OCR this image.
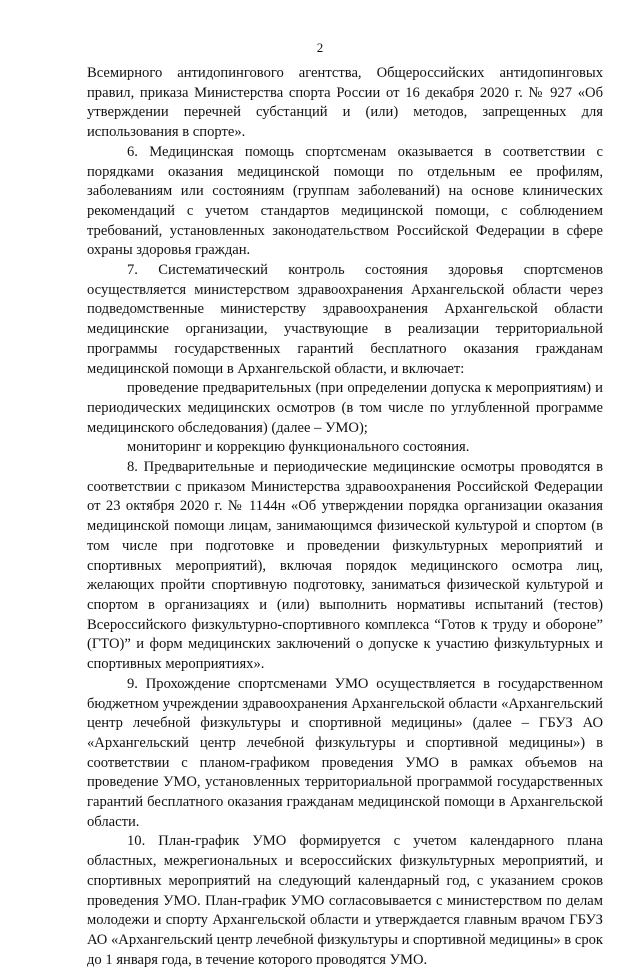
2

Всемирного антидопингового агентства, Общероссийских антидопинговых правил, приказа Министерства спорта России от 16 декабря 2020 г. № 927 «Об утверждении перечней субстанций и (или) методов, запрещенных для использования в спорте».

6. Медицинская помощь спортсменам оказывается в соответствии с порядками оказания медицинской помощи по отдельным ее профилям, заболеваниям или состояниям (группам заболеваний) на основе клинических рекомендаций с учетом стандартов медицинской помощи, с соблюдением требований, установленных законодательством Российской Федерации в сфере охраны здоровья граждан.

7. Систематический контроль состояния здоровья спортсменов осуществляется министерством здравоохранения Архангельской области через подведомственные министерству здравоохранения Архангельской области медицинские организации, участвующие в реализации территориальной программы государственных гарантий бесплатного оказания гражданам медицинской помощи в Архангельской области, и включает:

проведение предварительных (при определении допуска к мероприятиям) и периодических медицинских осмотров (в том числе по углубленной программе медицинского обследования) (далее – УМО);

мониторинг и коррекцию функционального состояния.

8. Предварительные и периодические медицинские осмотры проводятся в соответствии с приказом Министерства здравоохранения Российской Федерации от 23 октября 2020 г. № 1144н «Об утверждении порядка организации оказания медицинской помощи лицам, занимающимся физической культурой и спортом (в том числе при подготовке и проведении физкультурных мероприятий и спортивных мероприятий), включая порядок медицинского осмотра лиц, желающих пройти спортивную подготовку, заниматься физической культурой и спортом в организациях и (или) выполнить нормативы испытаний (тестов) Всероссийского физкультурно-спортивного комплекса “Готов к труду и обороне” (ГТО)” и форм медицинских заключений о допуске к участию физкультурных и спортивных мероприятиях».

9. Прохождение спортсменами УМО осуществляется в государственном бюджетном учреждении здравоохранения Архангельской области «Архангельский центр лечебной физкультуры и спортивной медицины» (далее – ГБУЗ АО «Архангельский центр лечебной физкультуры и спортивной медицины») в соответствии с планом-графиком проведения УМО в рамках объемов на проведение УМО, установленных территориальной программой государственных гарантий бесплатного оказания гражданам медицинской помощи в Архангельской области.

10. План-график УМО формируется с учетом календарного плана областных, межрегиональных и всероссийских физкультурных мероприятий, и спортивных мероприятий на следующий календарный год, с указанием сроков проведения УМО. План-график УМО согласовывается с министерством по делам молодежи и спорту Архангельской области и утверждается главным врачом ГБУЗ АО «Архангельский центр лечебной физкультуры и спортивной медицины» в срок до 1 января года, в течение которого проводятся УМО.
